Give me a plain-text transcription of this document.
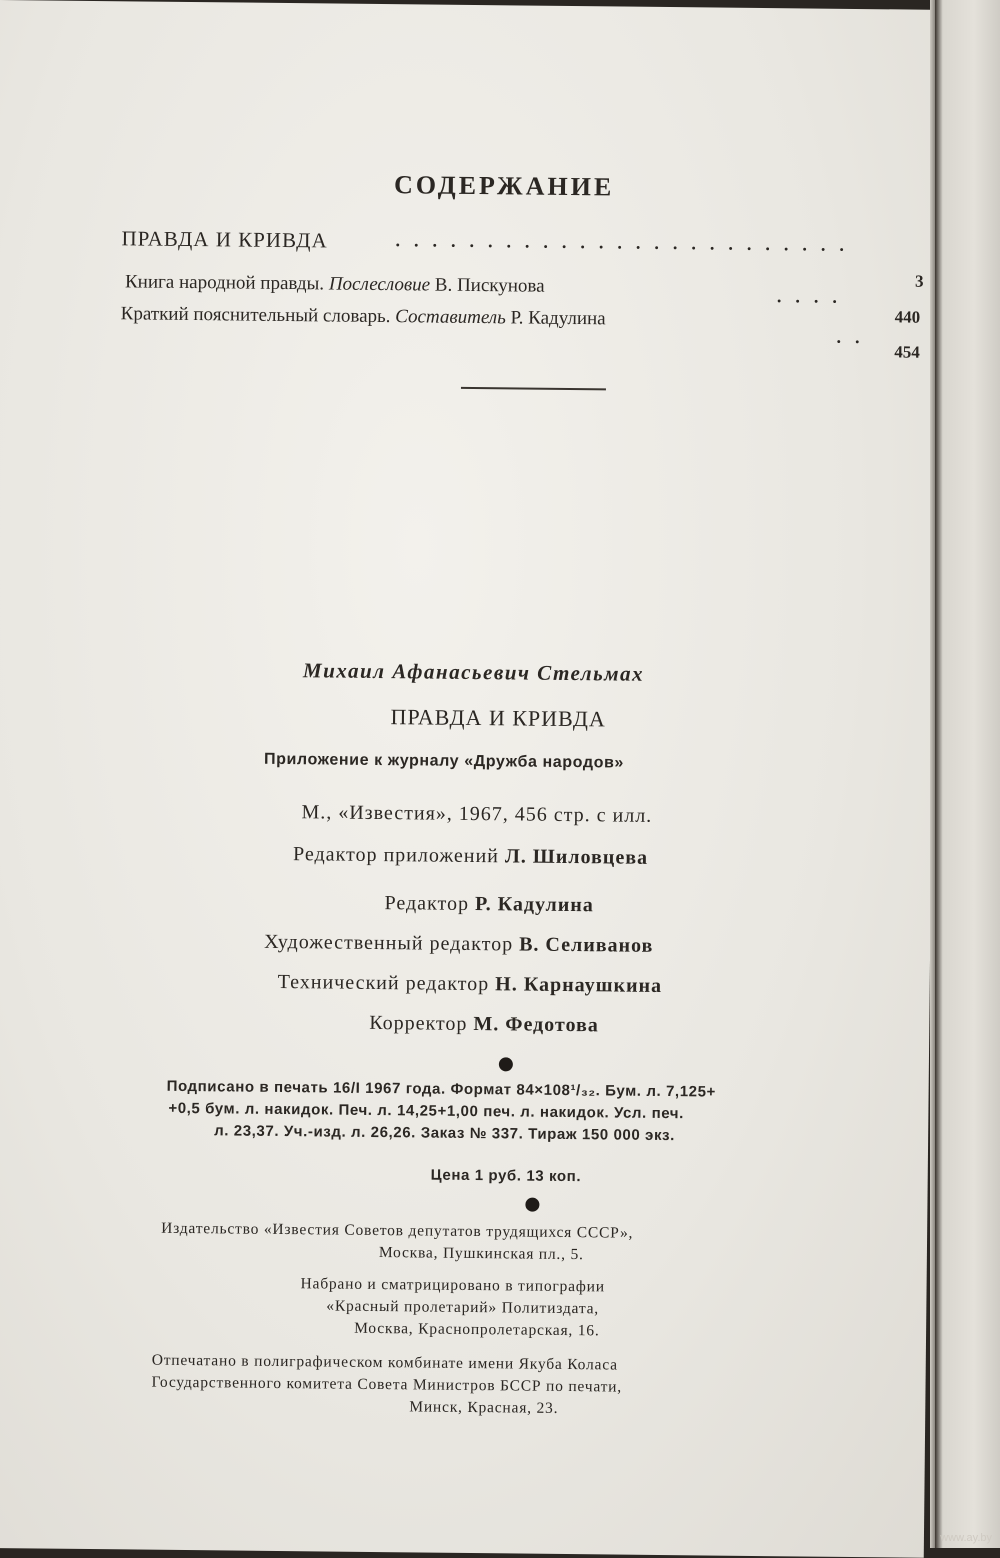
СОДЕРЖАНИЕ
ПРАВДА И КРИВДА	.........................
3
Книга народной правды. Послесловие В. Пискунова	....
440
Краткий пояснительный словарь. Составитель Р. Кадулина
..
454
Михаил Афанасьевич Стельмах
ПРАВДА И КРИВДА
Приложение к журналу «Дружба народов»
М., «Известия», 1967, 456 стр. с илл.
Редактор приложений Л. Шиловцева
Редактор Р. Кадулина
Художественный редактор В. Селиванов
Технический редактор Н. Карнаушкина
Корректор М. Федотова
Подписано в печать 16/I 1967 года. Формат 84×108¹/₃₂. Бум. л. 7,125+
+0,5 бум. л. накидок. Печ. л. 14,25+1,00 печ. л. накидок. Усл. печ.
л. 23,37. Уч.-изд. л. 26,26. Заказ № 337. Тираж 150 000 экз.
Цена 1 руб. 13 коп.
Издательство «Известия Советов депутатов трудящихся СССР»,
Москва, Пушкинская пл., 5.
Набрано и сматрицировано в типографии
«Красный пролетарий» Политиздата,
Москва, Краснопролетарская, 16.
Отпечатано в полиграфическом комбинате имени Якуба Коласа
Государственного комитета Совета Министров БССР по печати,
Минск, Красная, 23.
www.ay.by
